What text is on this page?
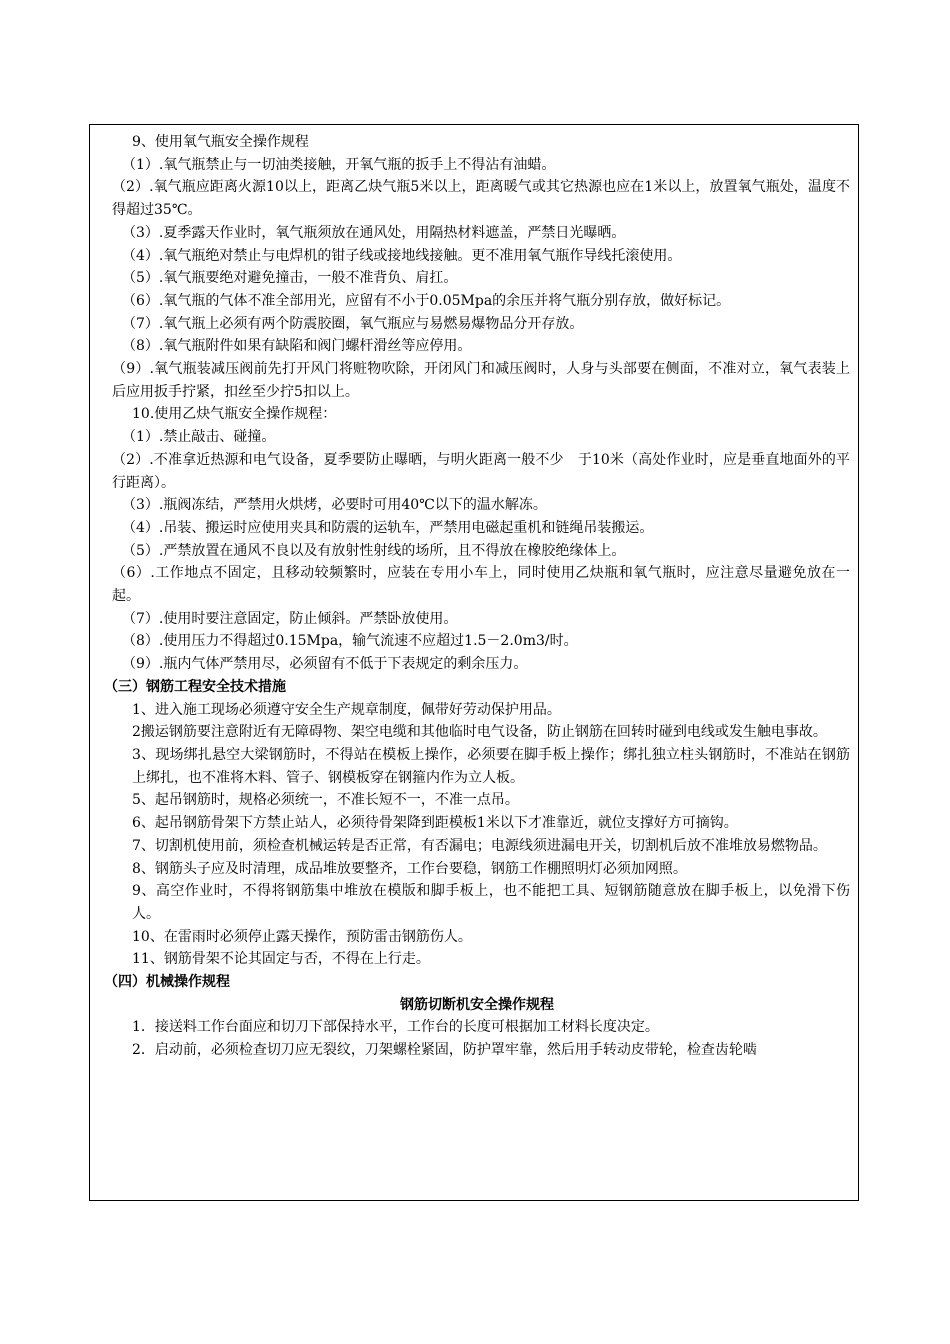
9、使用氧气瓶安全操作规程
（1）.氧气瓶禁止与一切油类接触，开氧气瓶的扳手上不得沾有油蜡。
（2）.氧气瓶应距离火源10以上，距离乙炔气瓶5米以上，距离暖气或其它热源也应在1米以上，放置氧气瓶处，温度不得超过35℃。
（3）.夏季露天作业时，氧气瓶须放在通风处，用隔热材料遮盖，严禁日光曝晒。
（4）.氧气瓶绝对禁止与电焊机的钳子线或接地线接触。更不准用氧气瓶作导线托滚使用。
（5）.氧气瓶要绝对避免撞击，一般不准背负、肩扛。
（6）.氧气瓶的气体不准全部用光，应留有不小于0.05Mpa的余压并将气瓶分别存放，做好标记。
（7）.氧气瓶上必须有两个防震胶圈，氧气瓶应与易燃易爆物品分开存放。
（8）.氧气瓶附件如果有缺陷和阀门螺杆滑丝等应停用。
（9）.氧气瓶装减压阀前先打开风门将赃物吹除，开闭风门和减压阀时，人身与头部要在侧面，不准对立，氧气表装上后应用扳手拧紧，扣丝至少拧5扣以上。
10.使用乙炔气瓶安全操作规程：
（1）.禁止敲击、碰撞。
（2）.不准拿近热源和电气设备，夏季要防止曝晒，与明火距离一般不少　于10米（高处作业时，应是垂直地面外的平行距离）。
（3）.瓶阀冻结，严禁用火烘烤，必要时可用40℃以下的温水解冻。
（4）.吊装、搬运时应使用夹具和防震的运轨车，严禁用电磁起重机和链绳吊装搬运。
（5）.严禁放置在通风不良以及有放射性射线的场所，且不得放在橡胶绝缘体上。
（6）.工作地点不固定，且移动较频繁时，应装在专用小车上，同时使用乙炔瓶和氧气瓶时，应注意尽量避免放在一起。
（7）.使用时要注意固定，防止倾斜。严禁卧放使用。
（8）.使用压力不得超过0.15Mpa，输气流速不应超过1.5－2.0m3/时。
（9）.瓶内气体严禁用尽，必须留有不低于下表规定的剩余压力。
（三）钢筋工程安全技术措施
1、进入施工现场必须遵守安全生产规章制度，佩带好劳动保护用品。
2搬运钢筋要注意附近有无障碍物、架空电缆和其他临时电气设备，防止钢筋在回转时碰到电线或发生触电事故。
3、现场绑扎悬空大梁钢筋时，不得站在模板上操作，必须要在脚手板上操作；绑扎独立柱头钢筋时，不准站在钢筋上绑扎，也不准将木料、管子、钢模板穿在钢箍内作为立人板。
5、起吊钢筋时，规格必须统一，不准长短不一，不准一点吊。
6、起吊钢筋骨架下方禁止站人，必须待骨架降到距模板1米以下才准靠近，就位支撑好方可摘钩。
7、切割机使用前，须检查机械运转是否正常，有否漏电；电源线须进漏电开关，切割机后放不准堆放易燃物品。
8、钢筋头子应及时清理，成品堆放要整齐，工作台要稳，钢筋工作棚照明灯必须加网照。
9、高空作业时，不得将钢筋集中堆放在模版和脚手板上，也不能把工具、短钢筋随意放在脚手板上，以免滑下伤人。
10、在雷雨时必须停止露天操作，预防雷击钢筋伤人。
11、钢筋骨架不论其固定与否，不得在上行走。
（四）机械操作规程
钢筋切断机安全操作规程
1．接送料工作台面应和切刀下部保持水平，工作台的长度可根据加工材料长度决定。
2．启动前，必须检查切刀应无裂纹，刀架螺栓紧固，防护罩牢靠，然后用手转动皮带轮，检查齿轮啮
